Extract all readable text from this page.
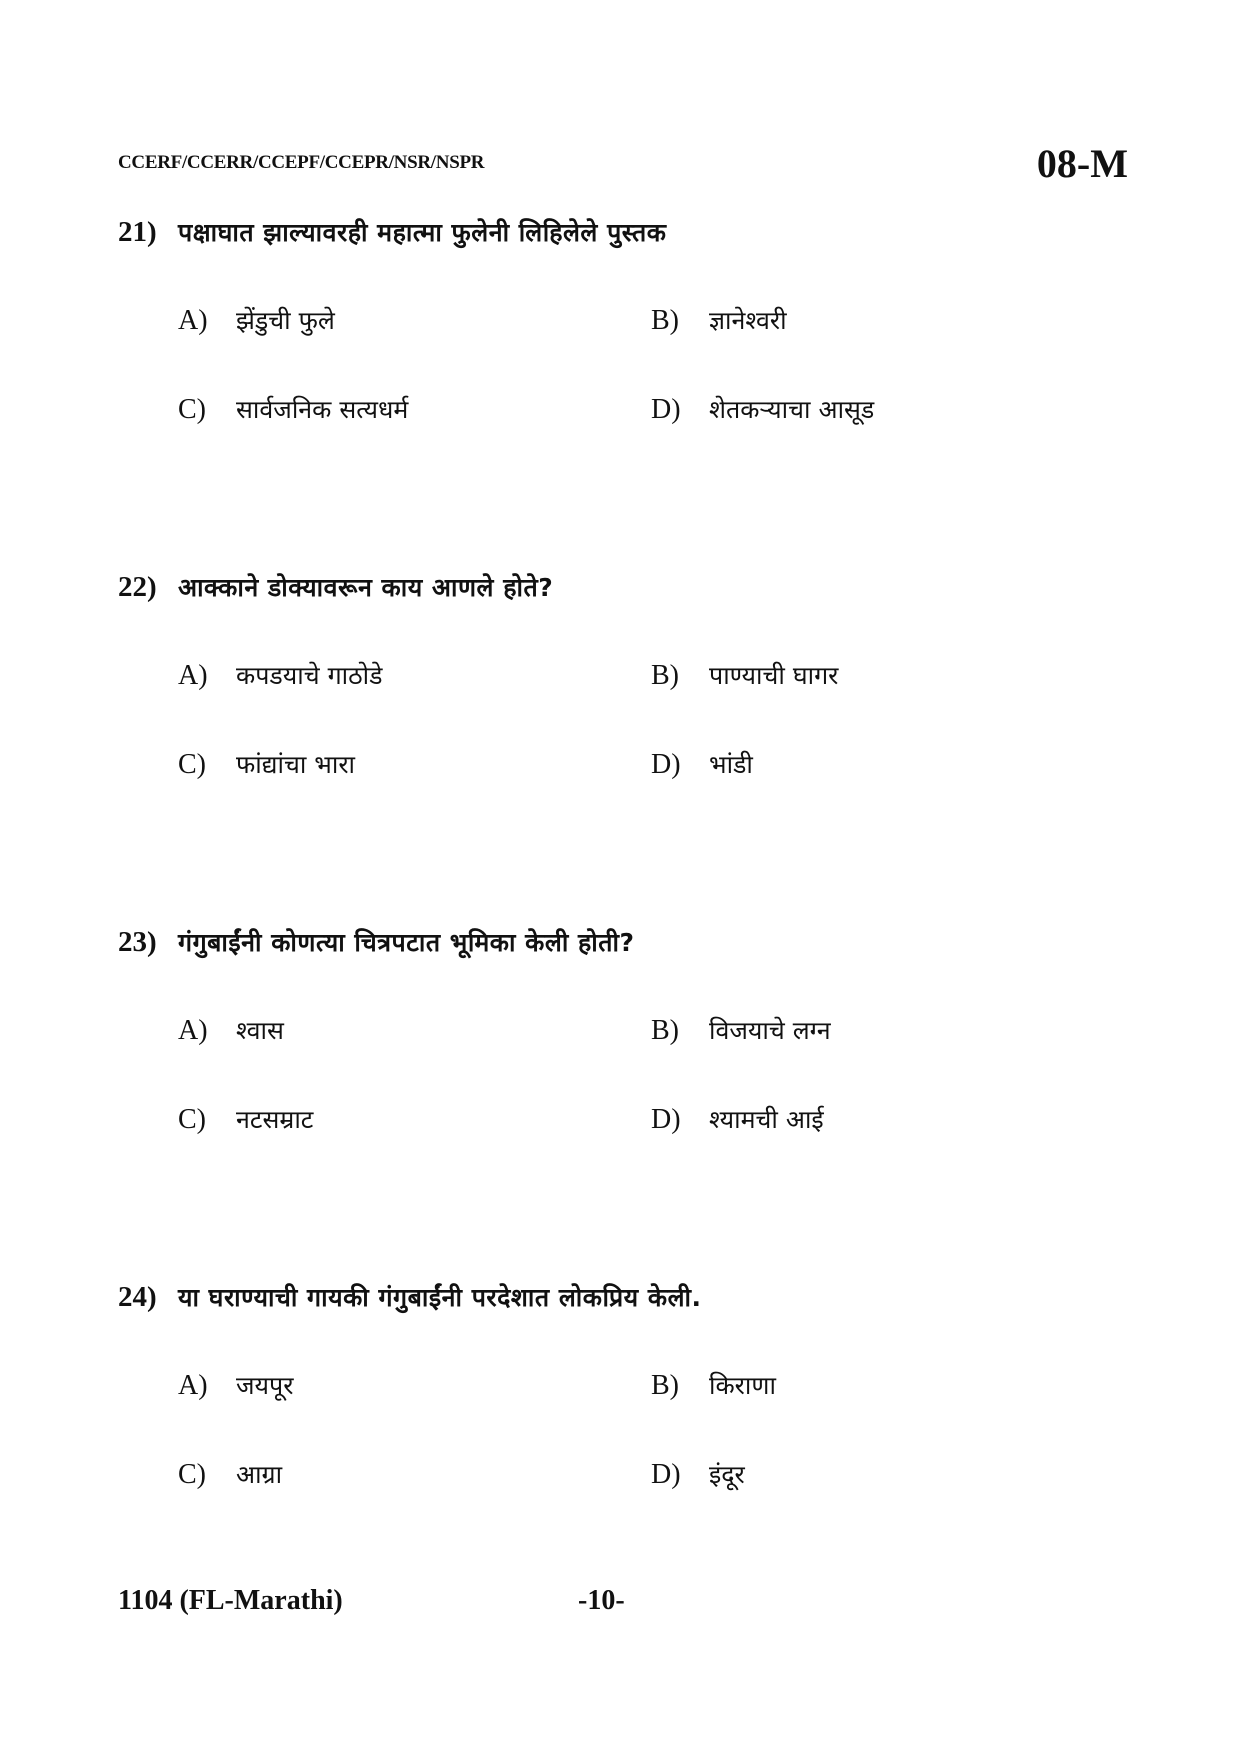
CCERF/CCERR/CCEPF/CCEPR/NSR/NSPR	08-M
21) पक्षाघात झाल्यावरही महात्मा फुलेनी लिहिलेले पुस्तक
A)	झेंडुची फुले	B)	ज्ञानेश्वरी
C)	सार्वजनिक सत्यधर्म	D)	शेतकऱ्याचा आसूड
22) आक्काने डोक्यावरून काय आणले होते?
A)	कपडयाचे गाठोडे	B)	पाण्याची घागर
C)	फांद्यांचा भारा	D)	भांडी
23) गंगुबाईंनी कोणत्या चित्रपटात भूमिका केली होती?
A)	श्वास	B)	विजयाचे लग्न
C)	नटसम्राट	D)	श्यामची आई
24) या घराण्याची गायकी गंगुबाईंनी परदेशात लोकप्रिय केली.
A)	जयपूर	B)	किराणा
C)	आग्रा	D)	इंदूर
1104 (FL-Marathi)	-10-
